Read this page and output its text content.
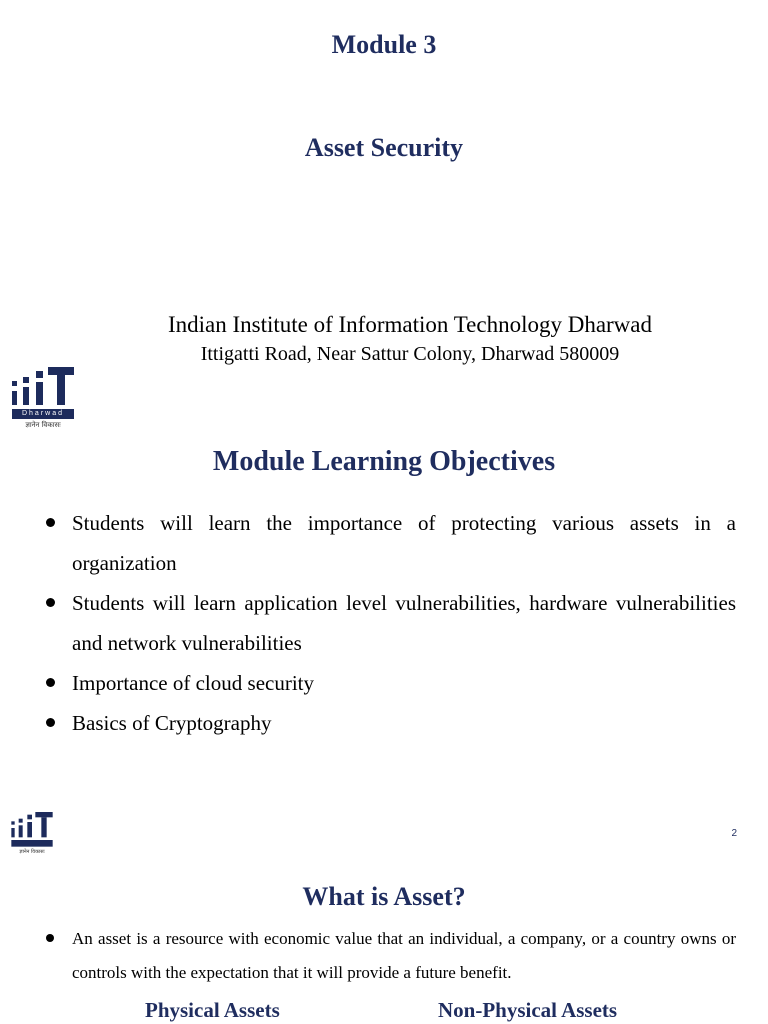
Module 3
Asset Security
Indian Institute of Information Technology Dharwad
Ittigatti Road, Near Sattur Colony, Dharwad 580009
Dharwad
ज्ञानेन विकासः
Module Learning Objectives
Students will learn the importance of protecting various assets in a organization
Students will learn application level vulnerabilities, hardware vulnerabilities and network vulnerabilities
Importance of cloud security
Basics of Cryptography
ज्ञानेन विकासः
2
What is Asset?
An asset is a resource with economic value that an individual, a company, or a country owns or controls with the expectation that it will provide a future benefit.
Physical Assets	Non-Physical Assets
